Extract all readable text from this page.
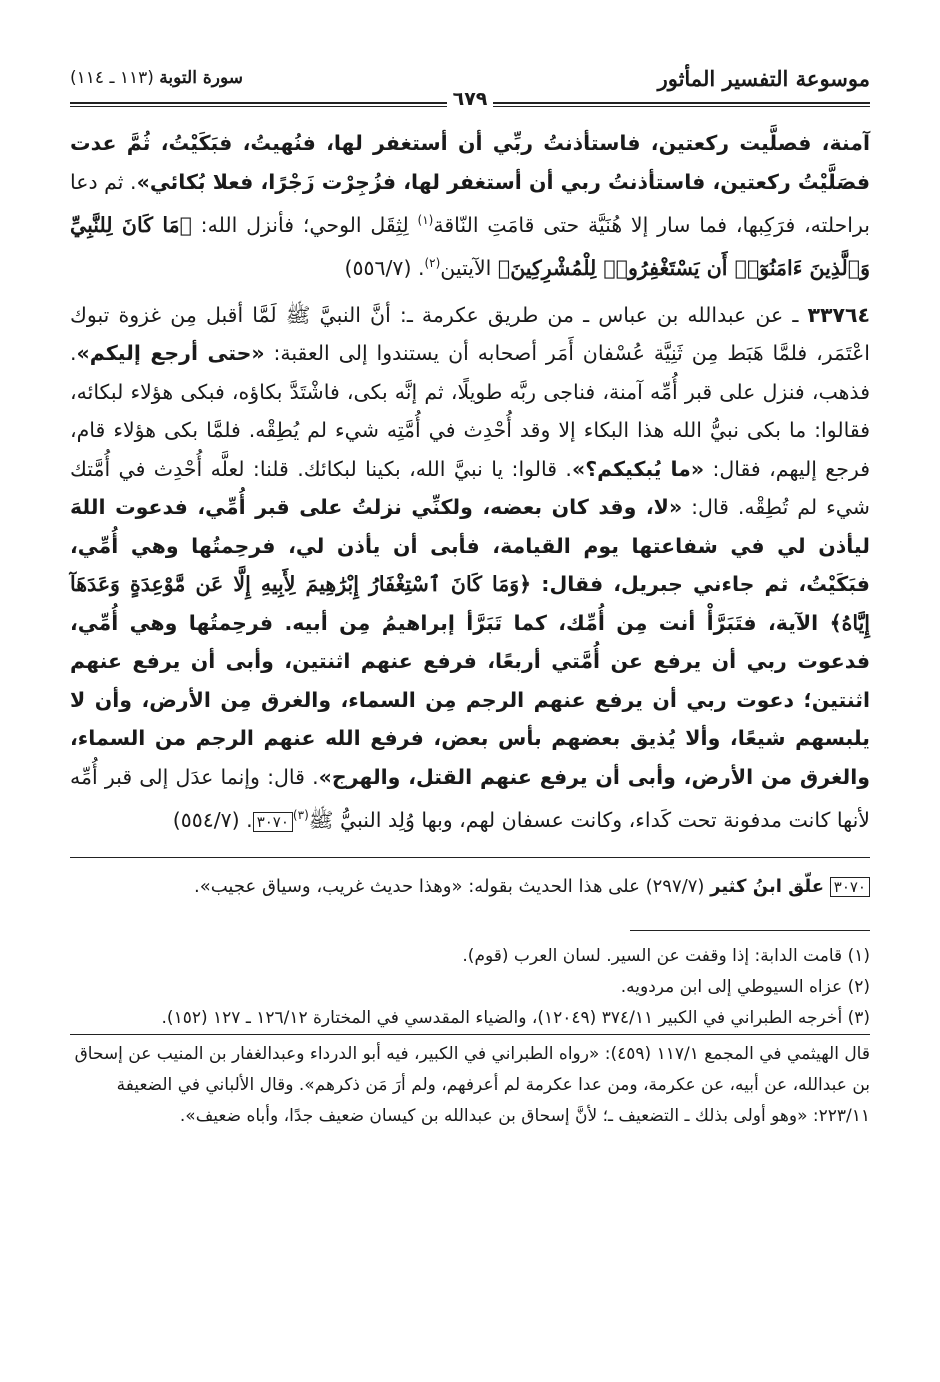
موسوعة التفسير المأثور
سورة التوبة (١١٣ ـ ١١٤)
٦٧٩

آمنة، فصلَّيت ركعتين، فاستأذنتُ ربِّي أن أستغفر لها، فنُهيتُ، فبَكَيْتُ، ثُمَّ عدت فصَلَّيْتُ ركعتين، فاستأذنتُ ربي أن أستغفر لها، فزُجِرْت زَجْرًا، فعلا بُكائي». ثم دعا براحلته، فرَكِبها، فما سار إلا هُنَيَّة حتى قامَتِ النّاقة$^{(١)}$ لِثِقَل الوحي؛ فأنزل الله: ﴿مَا كَانَ لِلنَّبِيِّ وَٱلَّذِينَ ءَامَنُوٓا۟ أَن يَسْتَغْفِرُوا۟ لِلْمُشْرِكِينَ﴾ الآيتين$^{(٢)}$. (٥٥٦/٧)

٣٣٧٦٤ ـ عن عبدالله بن عباس ـ من طريق عكرمة ـ: أنَّ النبيَّ ﷺ لَمَّا أقبل مِن غزوة تبوك اعْتَمَر، فلمَّا هَبَط مِن ثَنِيَّة عُسْفان أَمَر أصحابه أن يستندوا إلى العقبة: «حتى أرجع إليكم». فذهب، فنزل على قبر أُمِّه آمنة، فناجى ربَّه طويلًا، ثم إنَّه بكى، فاشْتَدَّ بكاؤه، فبكى هؤلاء لبكائه، فقالوا: ما بكى نبيُّ الله هذا البكاء إلا وقد أُحْدِث في أُمَّتِه شيء لم يُطِقْه. فلمَّا بكى هؤلاء قام، فرجع إليهم، فقال: «ما يُبكيكم؟». قالوا: يا نبيَّ الله، بكينا لبكائك. قلنا: لعلَّه أُحْدِث في أُمَّتك شيء لم تُطِقْه. قال: «لا، وقد كان بعضه، ولكنِّي نزلتُ على قبر أُمِّي، فدعوت اللهَ ليأذن لي في شفاعتها يوم القيامة، فأبى أن يأذن لي، فرحِمتُها وهي أُمِّي، فبَكَيْتُ، ثم جاءني جبريل، فقال: ﴿وَمَا كَانَ ٱسْتِغْفَارُ إِبْرَٰهِيمَ لِأَبِيهِ إِلَّا عَن مَّوْعِدَةٍ وَعَدَهَآ إِيَّاهُ﴾ الآية، فتَبَرَّأْ أنت مِن أُمِّك، كما تَبَرَّأ إبراهيمُ مِن أبيه. فرحِمتُها وهي أُمِّي، فدعوت ربي أن يرفع عن أُمَّتي أربعًا، فرفع عنهم اثنتين، وأبى أن يرفع عنهم اثنتين؛ دعوت ربي أن يرفع عنهم الرجم مِن السماء، والغرق مِن الأرض، وأن لا يلبسهم شيعًا، وألا يُذيق بعضهم بأس بعض، فرفع الله عنهم الرجم من السماء، والغرق من الأرض، وأبى أن يرفع عنهم القتل، والهرج». قال: وإنما عدَل إلى قبر أُمِّه لأنها كانت مدفونة تحت كَداء، وكانت عسفان لهم، وبها وُلِد النبيُّ ﷺ$^{(٣)}$٣٠٧٠. (٥٥٤/٧)

٣٠٧٠ علّق ابنُ كثير (٢٩٧/٧) على هذا الحديث بقوله: «وهذا حديث غريب، وسياق عجيب».

(١) قامت الدابة: إذا وقفت عن السير. لسان العرب (قوم).

(٢) عزاه السيوطي إلى ابن مردويه.

(٣) أخرجه الطبراني في الكبير ٣٧٤/١١ (١٢٠٤٩)، والضياء المقدسي في المختارة ١٢٦/١٢ ـ ١٢٧ (١٥٢).

قال الهيثمي في المجمع ١١٧/١ (٤٥٩): «رواه الطبراني في الكبير، فيه أبو الدرداء وعبدالغفار بن المنيب عن إسحاق بن عبدالله، عن أبيه، عن عكرمة، ومن عدا عكرمة لم أعرفهم، ولم أرَ مَن ذكرهم». وقال الألباني في الضعيفة ٢٢٣/١١: «وهو أولى بذلك ـ التضعيف ـ؛ لأنَّ إسحاق بن عبدالله بن كيسان ضعيف جدًا، وأباه ضعيف».
